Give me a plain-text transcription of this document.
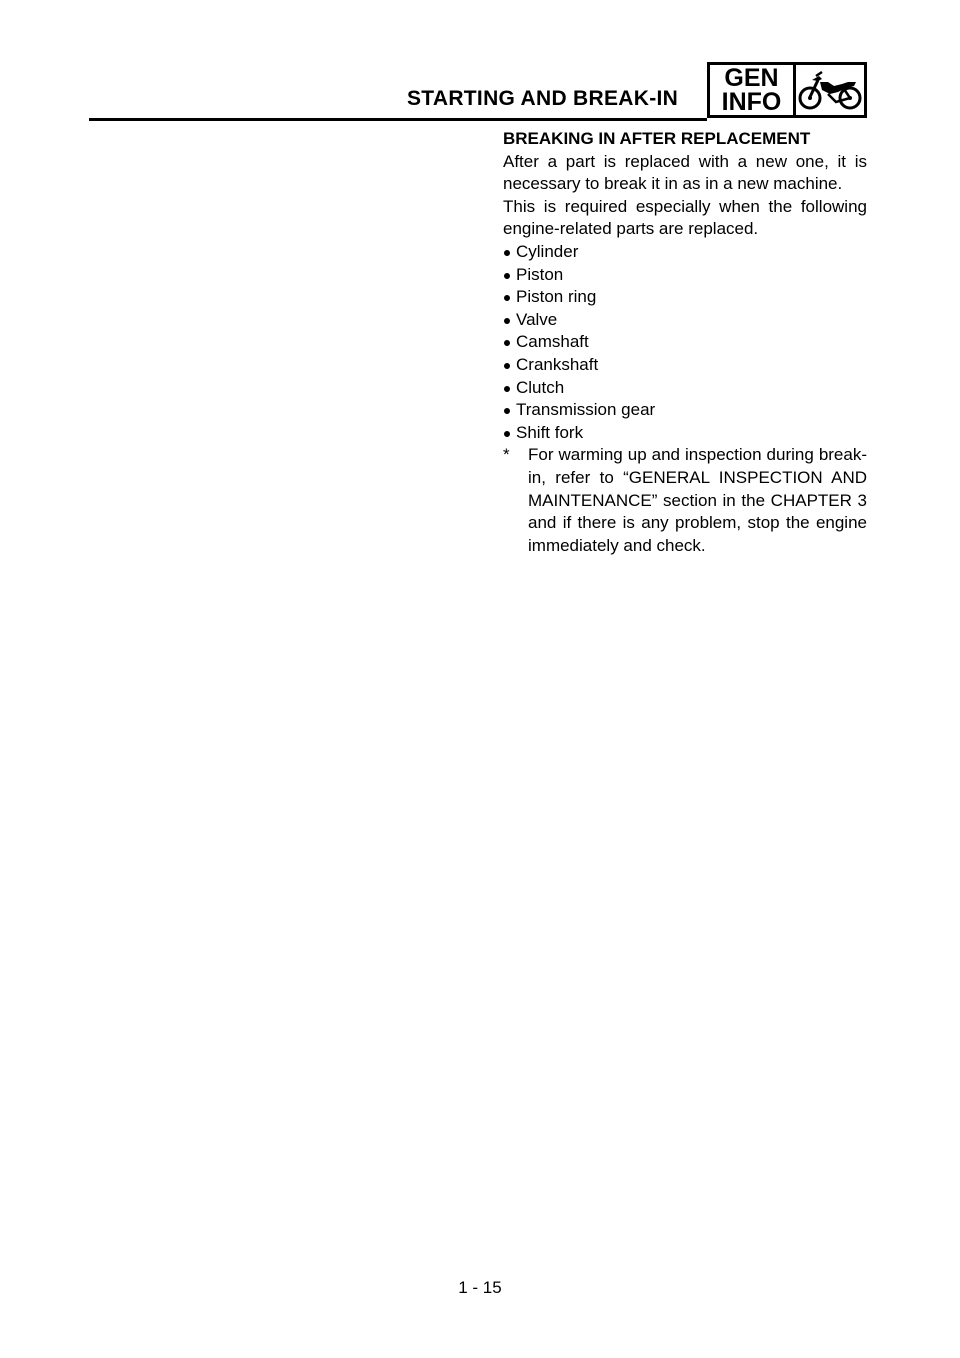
STARTING AND BREAK-IN
GEN
INFO

BREAKING IN AFTER REPLACEMENT

After a part is replaced with a new one, it is necessary to break it in as in a new machine.

This is required especially when the following engine-related parts are replaced.

Cylinder
Piston
Piston ring
Valve
Camshaft
Crankshaft
Clutch
Transmission gear
Shift fork
* For warming up and inspection during break-in, refer to “GENERAL INSPECTION AND MAINTENANCE” section in the CHAPTER 3 and if there is any problem, stop the engine immediately and check.
1 - 15
